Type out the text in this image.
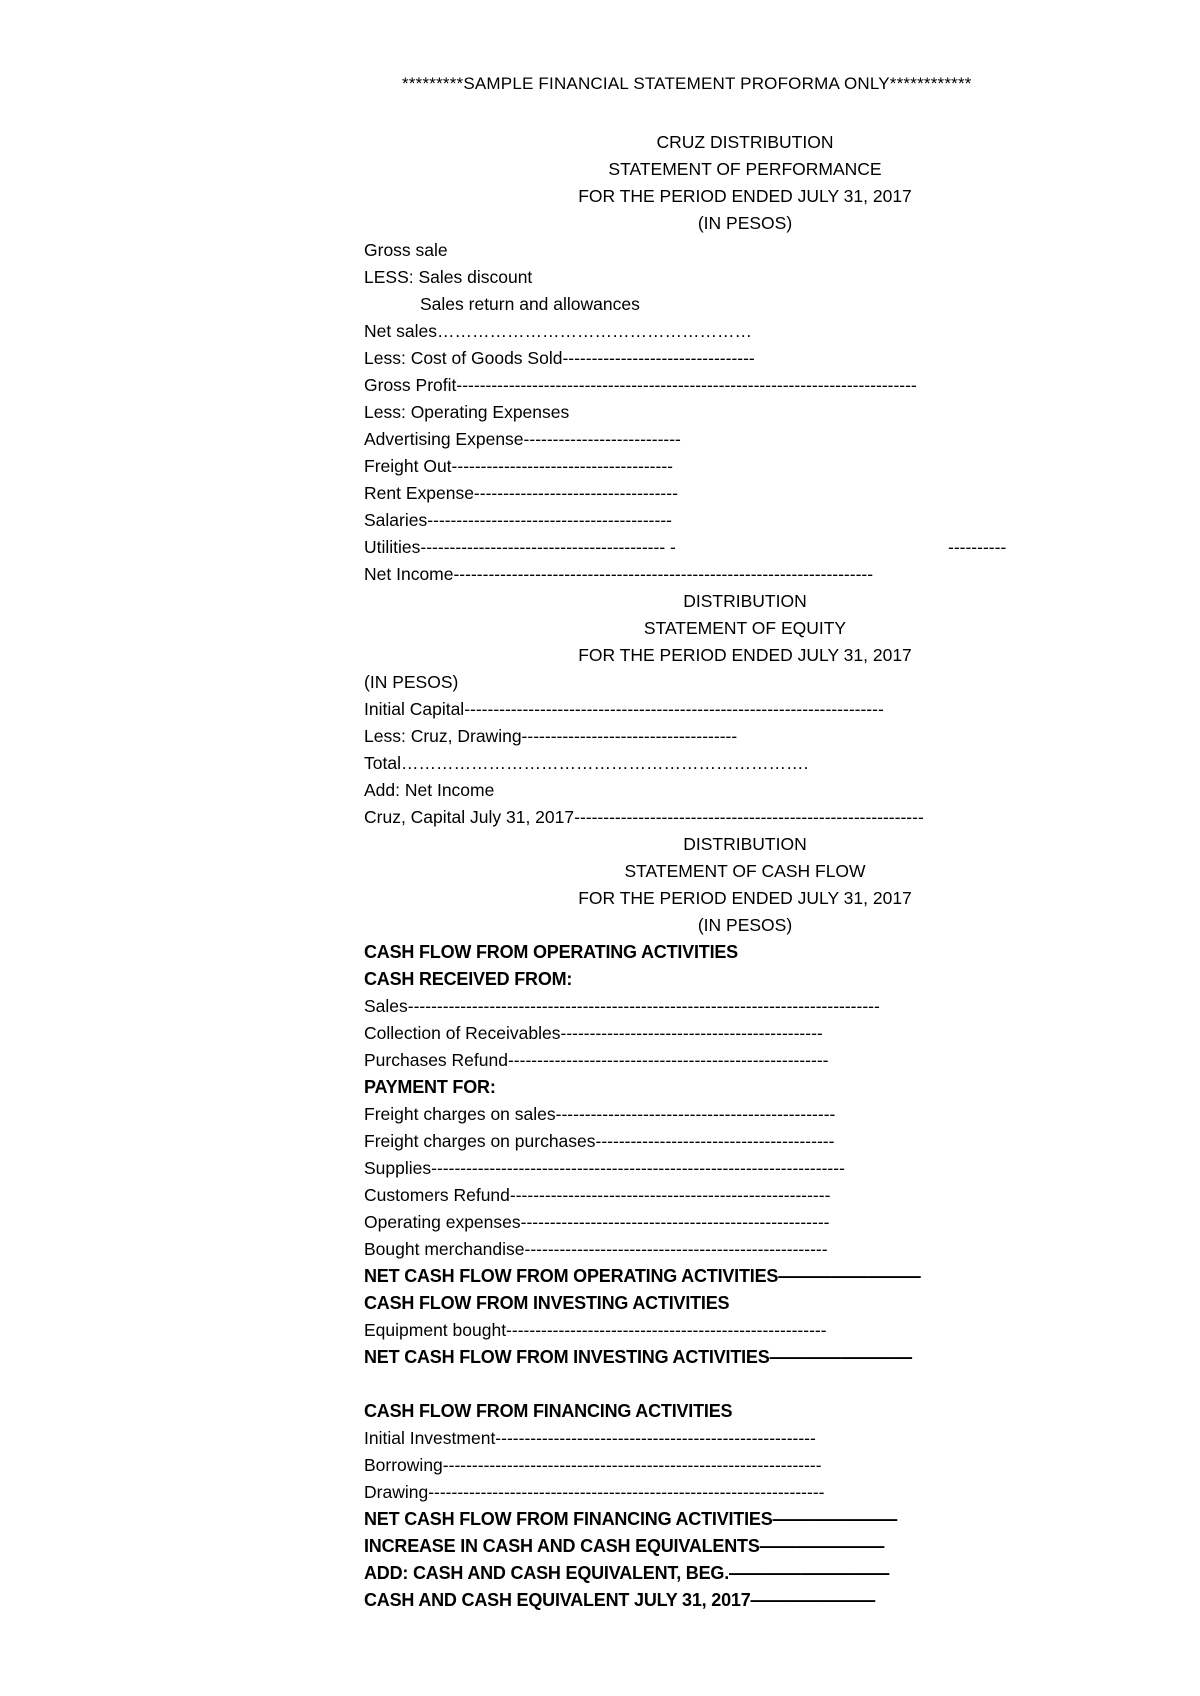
*********SAMPLE FINANCIAL STATEMENT PROFORMA ONLY************
CRUZ DISTRIBUTION
STATEMENT OF PERFORMANCE
FOR THE PERIOD ENDED JULY 31, 2017
(IN PESOS)
Gross sale
LESS: Sales discount
Sales return and allowances
Net sales………………………………………………
Less: Cost of Goods Sold---------------------------------
Gross Profit-------------------------------------------------------------------------------
Less: Operating Expenses
Advertising Expense---------------------------
Freight Out--------------------------------------
Rent Expense-----------------------------------
Salaries------------------------------------------
Utilities------------------------------------------ -	----------
Net Income------------------------------------------------------------------------
DISTRIBUTION
STATEMENT OF EQUITY
FOR THE PERIOD ENDED JULY 31, 2017
(IN PESOS)
Initial Capital------------------------------------------------------------------------
Less: Cruz, Drawing-------------------------------------
Total…………………………………………………………….
Add: Net Income
Cruz, Capital July 31, 2017------------------------------------------------------------
DISTRIBUTION
STATEMENT OF CASH FLOW
FOR THE PERIOD ENDED JULY 31, 2017
(IN PESOS)
CASH FLOW FROM OPERATING ACTIVITIES
CASH RECEIVED FROM:
Sales---------------------------------------------------------------------------------
Collection of Receivables---------------------------------------------
Purchases Refund-------------------------------------------------------
PAYMENT FOR:
Freight charges on sales------------------------------------------------
Freight charges on purchases-----------------------------------------
Supplies-----------------------------------------------------------------------
Customers Refund-------------------------------------------------------
Operating expenses-----------------------------------------------------
Bought merchandise----------------------------------------------------
NET CASH FLOW FROM OPERATING ACTIVITIES————————
CASH FLOW FROM INVESTING ACTIVITIES
Equipment bought-------------------------------------------------------
NET CASH FLOW FROM INVESTING ACTIVITIES————————
CASH FLOW FROM FINANCING ACTIVITIES
Initial Investment-------------------------------------------------------
Borrowing-----------------------------------------------------------------
Drawing--------------------------------------------------------------------
NET CASH FLOW FROM FINANCING ACTIVITIES———————
INCREASE IN CASH AND CASH EQUIVALENTS———————
ADD: CASH AND CASH EQUIVALENT, BEG.—————————
CASH AND CASH EQUIVALENT JULY 31, 2017———————
